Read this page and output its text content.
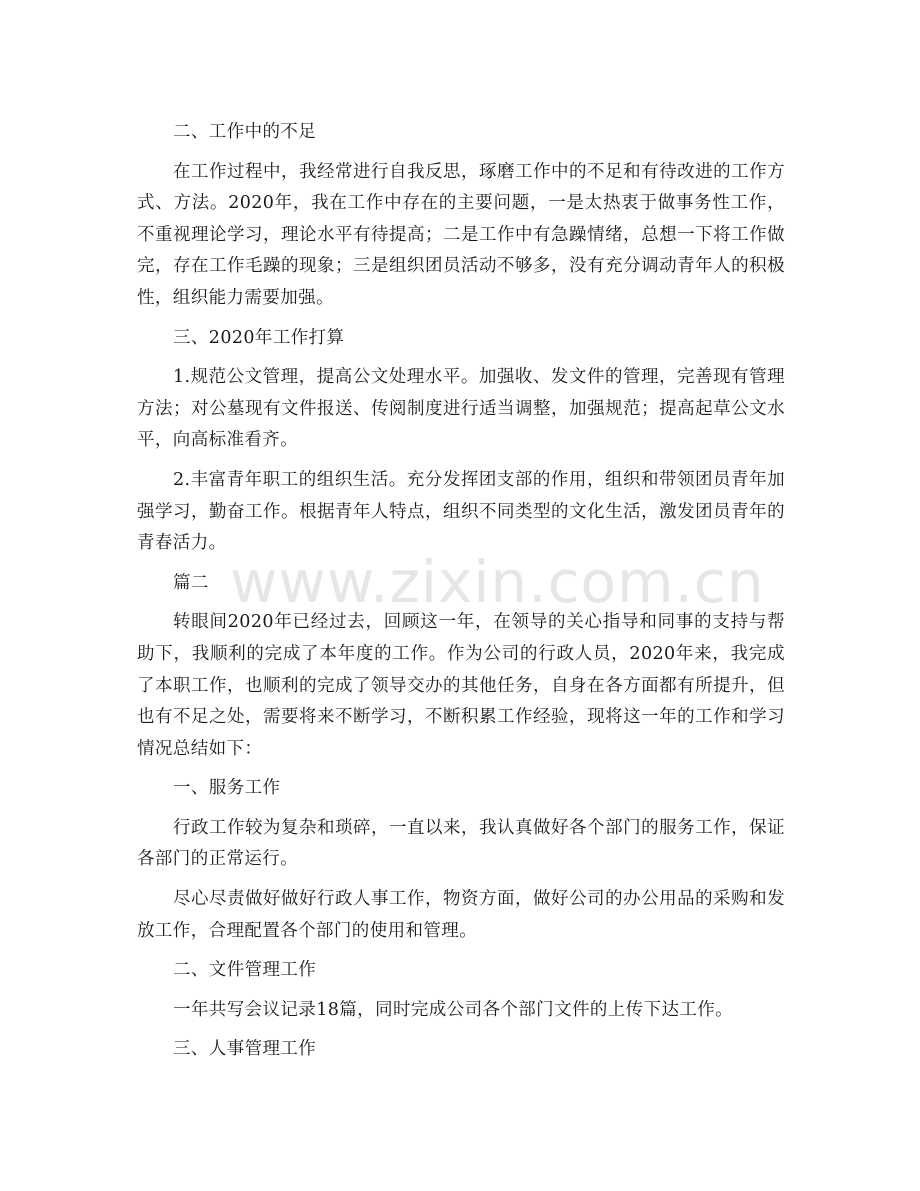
二、工作中的不足

在工作过程中，我经常进行自我反思，琢磨工作中的不足和有待改进的工作方式、方法。2020年，我在工作中存在的主要问题，一是太热衷于做事务性工作，不重视理论学习，理论水平有待提高；二是工作中有急躁情绪，总想一下将工作做完，存在工作毛躁的现象；三是组织团员活动不够多，没有充分调动青年人的积极性，组织能力需要加强。

三、2020年工作打算

1.规范公文管理，提高公文处理水平。加强收、发文件的管理，完善现有管理方法；对公墓现有文件报送、传阅制度进行适当调整，加强规范；提高起草公文水平，向高标准看齐。

2.丰富青年职工的组织生活。充分发挥团支部的作用，组织和带领团员青年加强学习，勤奋工作。根据青年人特点，组织不同类型的文化生活，激发团员青年的青春活力。

篇二

转眼间2020年已经过去，回顾这一年，在领导的关心指导和同事的支持与帮助下，我顺利的完成了本年度的工作。作为公司的行政人员，2020年来，我完成了本职工作，也顺利的完成了领导交办的其他任务，自身在各方面都有所提升，但也有不足之处，需要将来不断学习，不断积累工作经验，现将这一年的工作和学习情况总结如下：

一、服务工作

行政工作较为复杂和琐碎，一直以来，我认真做好各个部门的服务工作，保证各部门的正常运行。

尽心尽责做好做好行政人事工作，物资方面，做好公司的办公用品的采购和发放工作，合理配置各个部门的使用和管理。

二、文件管理工作

一年共写会议记录18篇，同时完成公司各个部门文件的上传下达工作。

三、人事管理工作

www.zixin.com.cn
